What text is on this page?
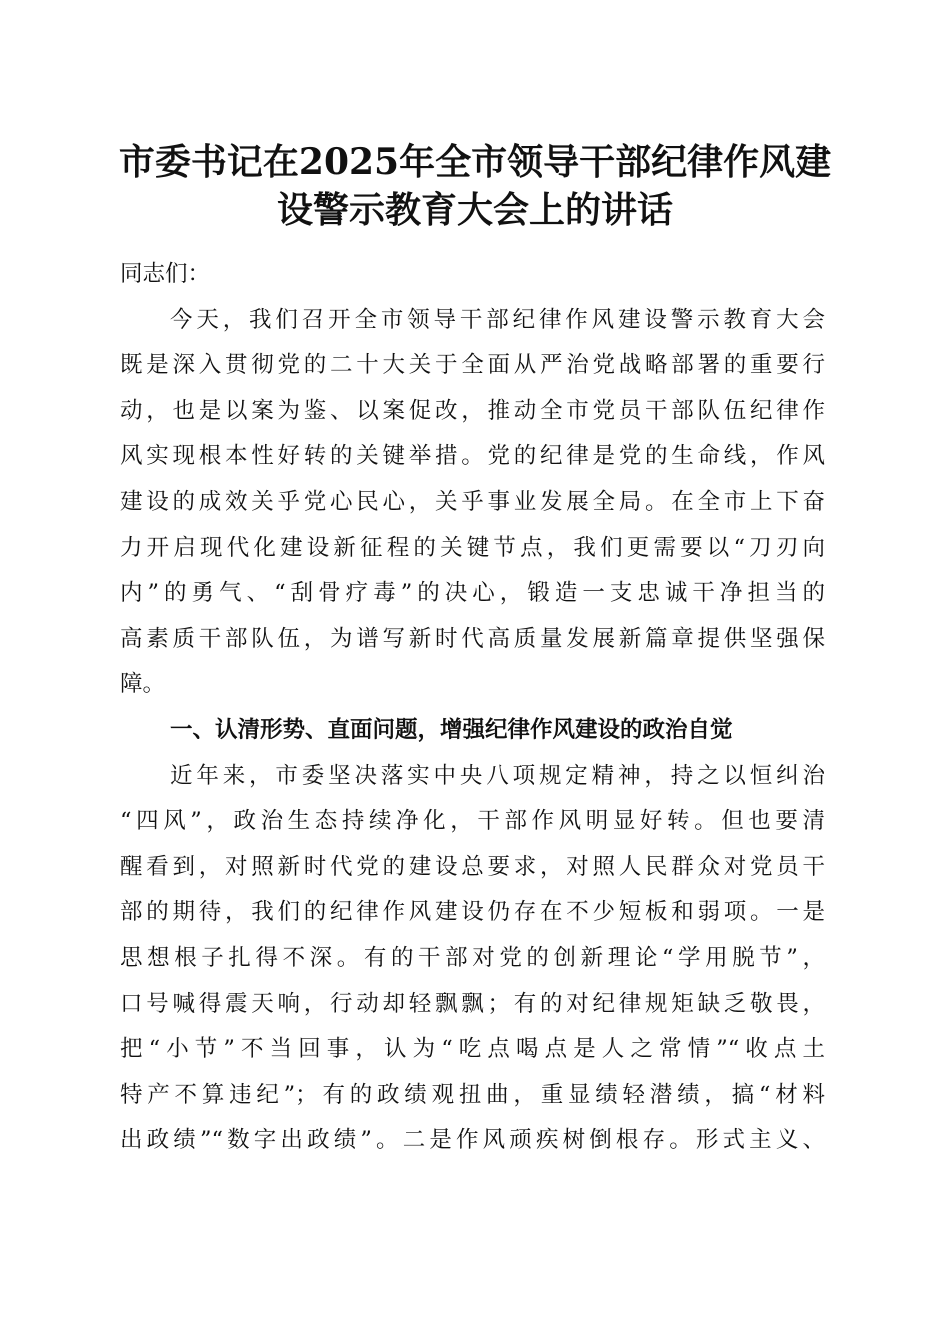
市委书记在2025年全市领导干部纪律作风建
设警示教育大会上的讲话
同志们：
今天，我们召开全市领导干部纪律作风建设警示教育大会
既是深入贯彻党的二十大关于全面从严治党战略部署的重要行
动，也是以案为鉴、以案促改，推动全市党员干部队伍纪律作
风实现根本性好转的关键举措。党的纪律是党的生命线，作风
建设的成效关乎党心民心，关乎事业发展全局。在全市上下奋
力开启现代化建设新征程的关键节点，我们更需要以“刀刃向
内”的勇气、“刮骨疗毒”的决心，锻造一支忠诚干净担当的
高素质干部队伍，为谱写新时代高质量发展新篇章提供坚强保
障。
一、认清形势、直面问题，增强纪律作风建设的政治自觉
近年来，市委坚决落实中央八项规定精神，持之以恒纠治
“四风”，政治生态持续净化，干部作风明显好转。但也要清
醒看到，对照新时代党的建设总要求，对照人民群众对党员干
部的期待，我们的纪律作风建设仍存在不少短板和弱项。一是
思想根子扎得不深。有的干部对党的创新理论“学用脱节”，
口号喊得震天响，行动却轻飘飘；有的对纪律规矩缺乏敬畏，
把“小节”不当回事，认为“吃点喝点是人之常情”“收点土
特产不算违纪”；有的政绩观扭曲，重显绩轻潜绩，搞“材料
出政绩”“数字出政绩”。二是作风顽疾树倒根存。形式主义、
